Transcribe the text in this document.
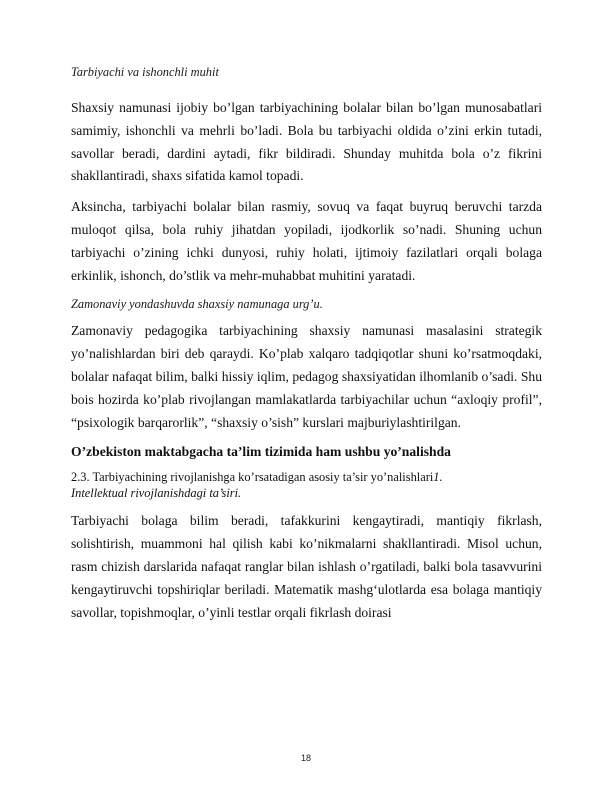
Tarbiyachi va ishonchli muhit

Shaxsiy namunasi ijobiy bo’lgan tarbiyachining bolalar bilan bo’lgan munosabatlari samimiy, ishonchli va mehrli bo’ladi. Bola bu tarbiyachi oldida o’zini erkin tutadi, savollar beradi, dardini aytadi, fikr bildiradi. Shunday muhitda bola o’z fikrini shakllantiradi, shaxs sifatida kamol topadi.

Aksincha, tarbiyachi bolalar bilan rasmiy, sovuq va faqat buyruq beruvchi tarzda muloqot qilsa, bola ruhiy jihatdan yopiladi, ijodkorlik so’nadi. Shuning uchun tarbiyachi o’zining ichki dunyosi, ruhiy holati, ijtimoiy fazilatlari orqali bolaga erkinlik, ishonch, do’stlik va mehr-muhabbat muhitini yaratadi.

Zamonaviy yondashuvda shaxsiy namunaga urg’u.

Zamonaviy pedagogika tarbiyachining shaxsiy namunasi masalasini strategik yo’nalishlardan biri deb qaraydi. Ko’plab xalqaro tadqiqotlar shuni ko’rsatmoqdaki, bolalar nafaqat bilim, balki hissiy iqlim, pedagog shaxsiyatidan ilhomlanib o’sadi. Shu bois hozirda ko’plab rivojlangan mamlakatlarda tarbiyachilar uchun “axloqiy profil”, “psixologik barqarorlik”, “shaxsiy o’sish” kurslari majburiylashtirilgan.

O’zbekiston maktabgacha ta’lim tizimida ham ushbu yo’nalishda

2.3. Tarbiyachining rivojlanishga ko’rsatadigan asosiy ta’sir yo’nalishlari1.
Intellektual rivojlanishdagi ta’siri.

Tarbiyachi bolaga bilim beradi, tafakkurini kengaytiradi, mantiqiy fikrlash, solishtirish, muammoni hal qilish kabi ko’nikmalarni shakllantiradi. Misol uchun, rasm chizish darslarida nafaqat ranglar bilan ishlash o’rgatiladi, balki bola tasavvurini kengaytiruvchi topshiriqlar beriladi. Matematik mashg‘ulotlarda esa bolaga mantiqiy savollar, topishmoqlar, o’yinli testlar orqali fikrlash doirasi

18
